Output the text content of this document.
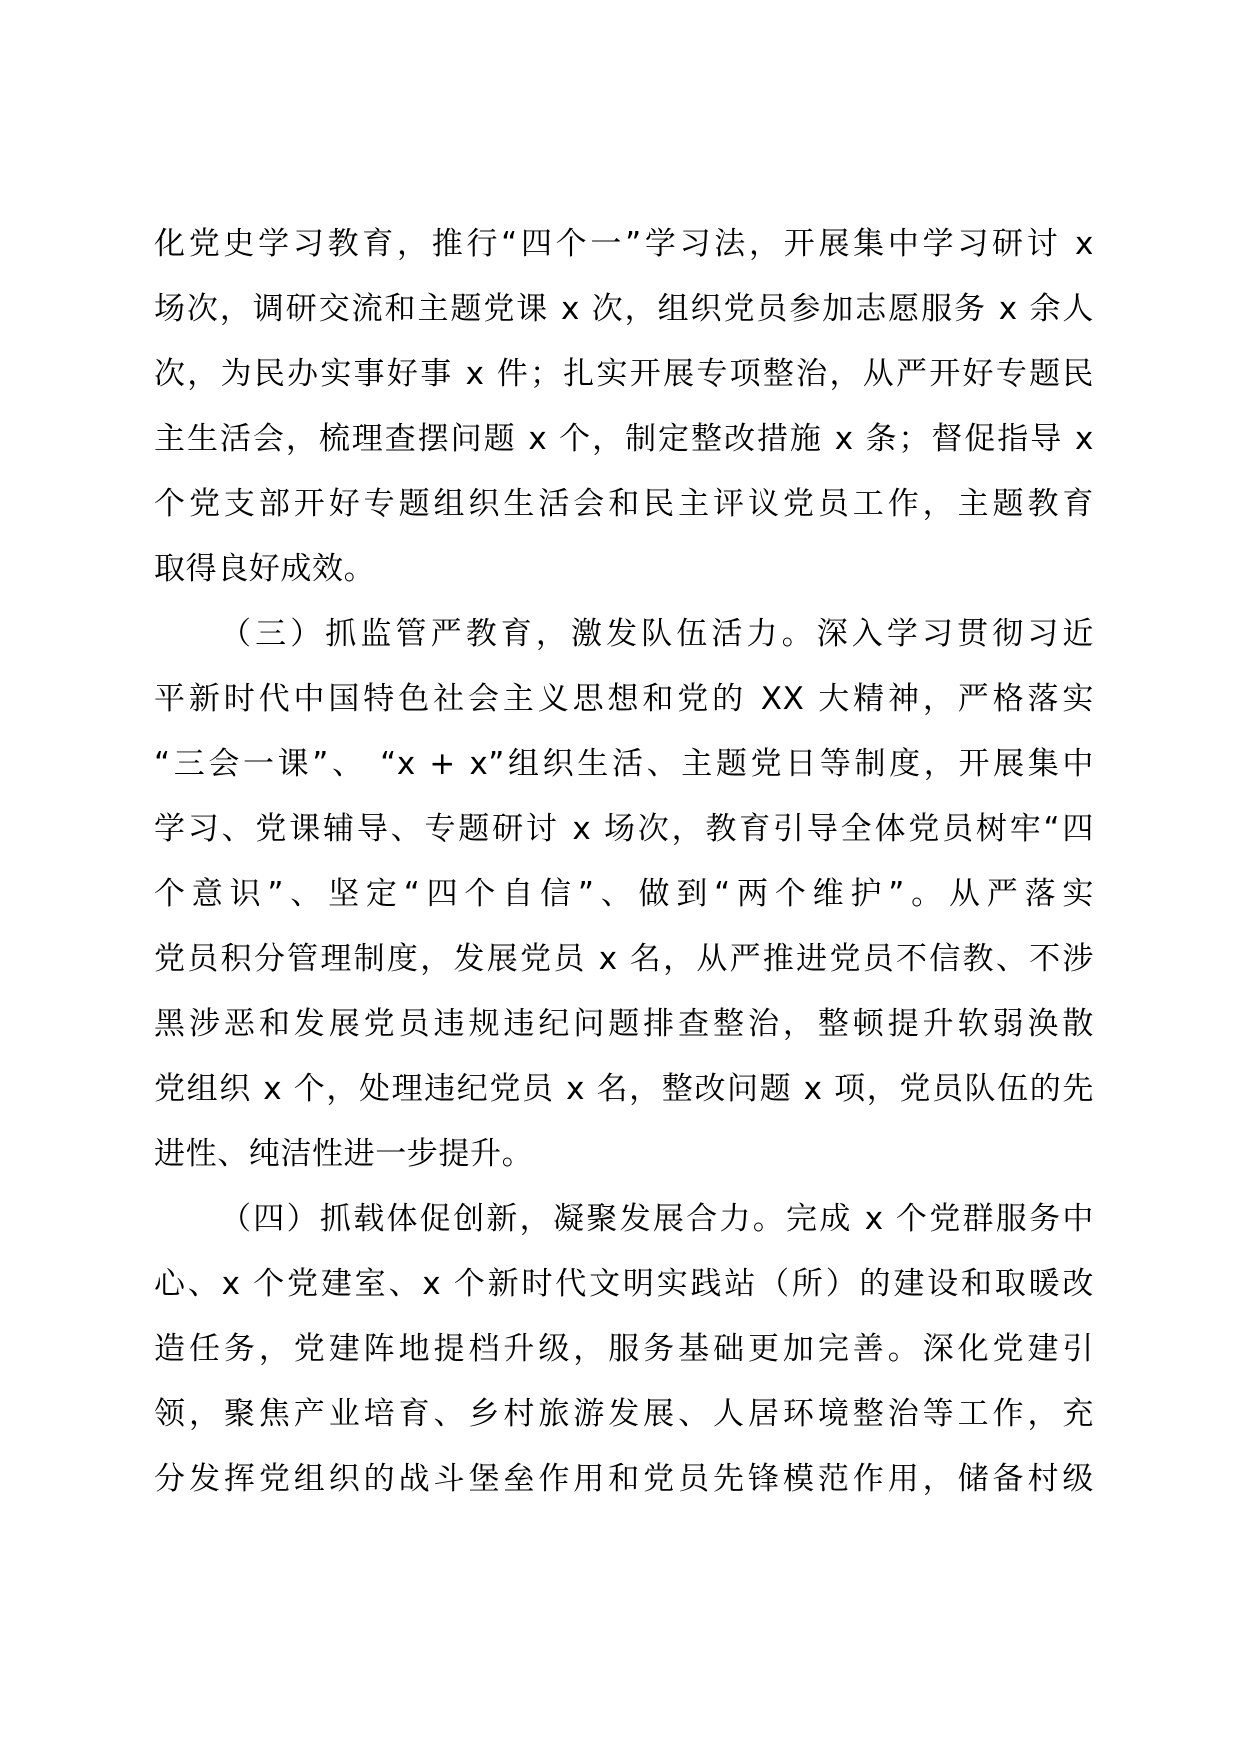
化党史学习教育，推行“四个一”学习法，开展集中学习研讨 x
场次，调研交流和主题党课 x 次，组织党员参加志愿服务 x 余人
次，为民办实事好事 x 件；扎实开展专项整治，从严开好专题民
主生活会，梳理查摆问题 x 个，制定整改措施 x 条；督促指导 x
个党支部开好专题组织生活会和民主评议党员工作，主题教育
取得良好成效。
（三）抓监管严教育，激发队伍活力。深入学习贯彻习近
平新时代中国特色社会主义思想和党的 XX 大精神，严格落实
“三会一课”、 “x + x”组织生活、主题党日等制度，开展集中
学习、党课辅导、专题研讨 x 场次，教育引导全体党员树牢“四
个意识”、坚定“四个自信”、做到“两个维护”。从严落实
党员积分管理制度，发展党员 x 名，从严推进党员不信教、不涉
黑涉恶和发展党员违规违纪问题排查整治，整顿提升软弱涣散
党组织 x 个，处理违纪党员 x 名，整改问题 x 项，党员队伍的先
进性、纯洁性进一步提升。
（四）抓载体促创新，凝聚发展合力。完成 x 个党群服务中
心、x 个党建室、x 个新时代文明实践站（所）的建设和取暖改
造任务，党建阵地提档升级，服务基础更加完善。深化党建引
领，聚焦产业培育、乡村旅游发展、人居环境整治等工作，充
分发挥党组织的战斗堡垒作用和党员先锋模范作用，储备村级
